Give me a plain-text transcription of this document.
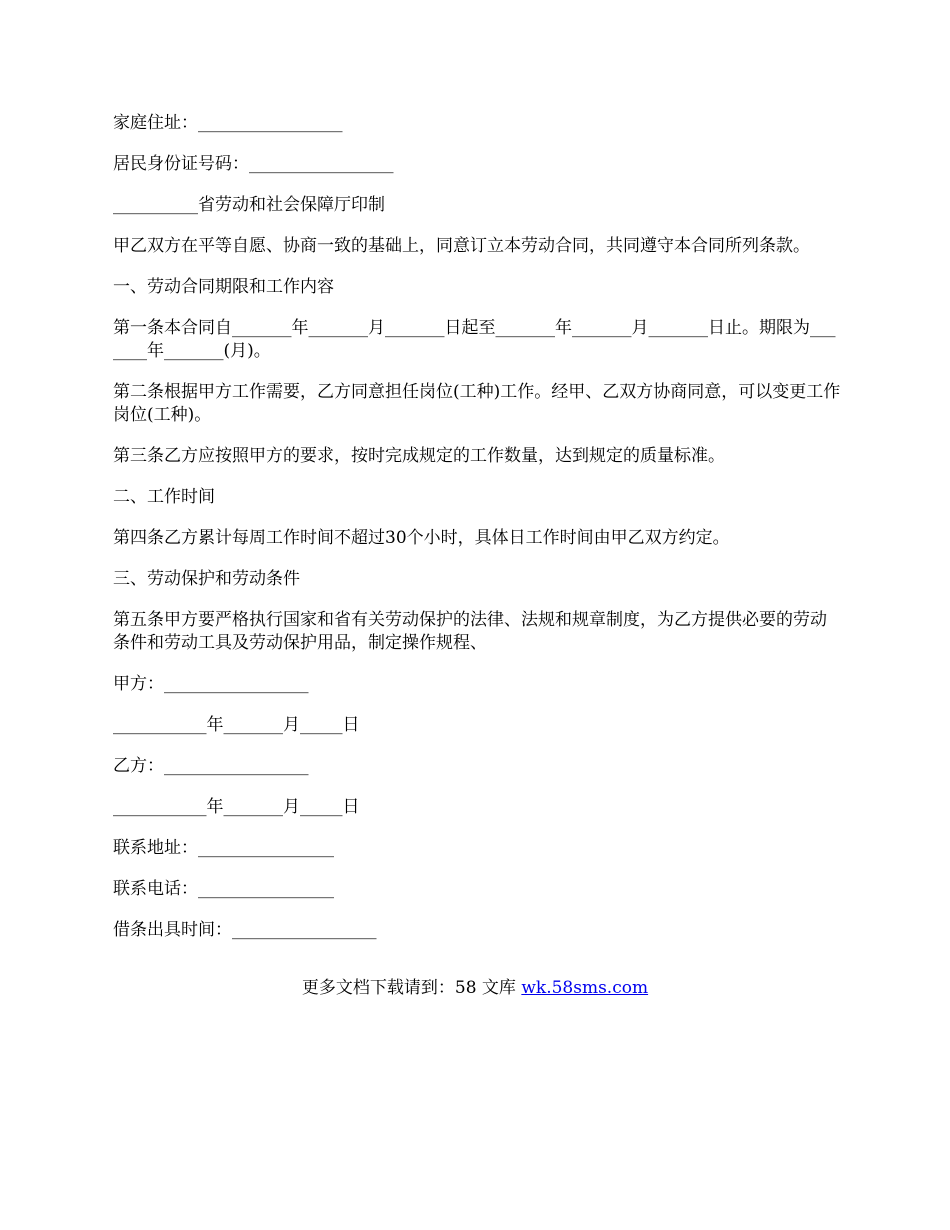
家庭住址：_________________

居民身份证号码：_________________

__________省劳动和社会保障厅印制

甲乙双方在平等自愿、协商一致的基础上，同意订立本劳动合同，共同遵守本合同所列条款。

一、劳动合同期限和工作内容

第一条本合同自_______年_______月_______日起至_______年_______月_______日止。期限为_______年_______(月)。

第二条根据甲方工作需要，乙方同意担任岗位(工种)工作。经甲、乙双方协商同意，可以变更工作岗位(工种)。

第三条乙方应按照甲方的要求，按时完成规定的工作数量，达到规定的质量标准。

二、工作时间

第四条乙方累计每周工作时间不超过30个小时，具体日工作时间由甲乙双方约定。

三、劳动保护和劳动条件

第五条甲方要严格执行国家和省有关劳动保护的法律、法规和规章制度，为乙方提供必要的劳动条件和劳动工具及劳动保护用品，制定操作规程、

甲方：_________________

___________年_______月_____日

乙方：_________________

___________年_______月_____日

联系地址：________________

联系电话：________________

借条出具时间：_________________

更多文档下载请到：58 文库 wk.58sms.com
